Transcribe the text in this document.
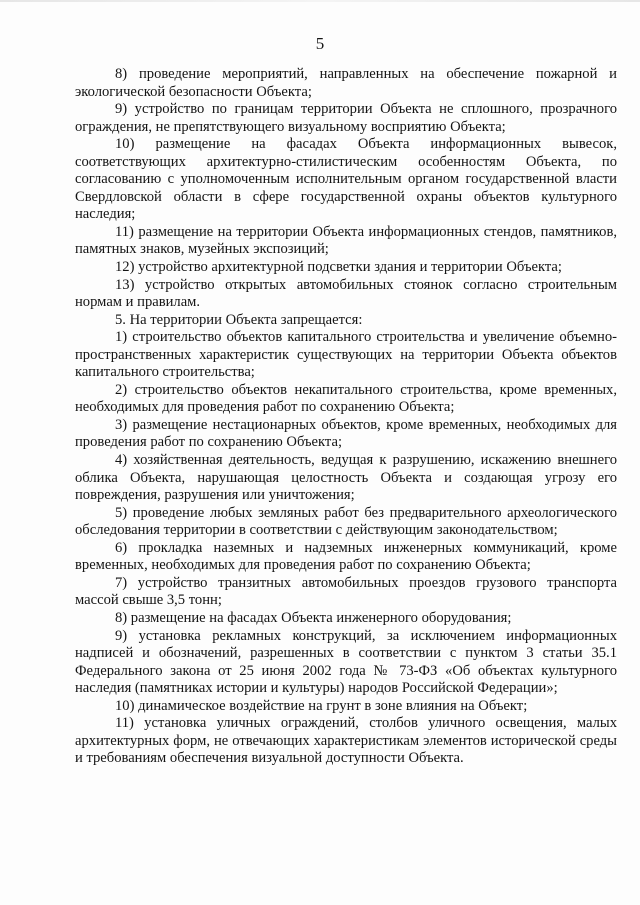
5

8) проведение мероприятий, направленных на обеспечение пожарной и экологической безопасности Объекта;

9) устройство по границам территории Объекта не сплошного, прозрачного ограждения, не препятствующего визуальному восприятию Объекта;

10) размещение на фасадах Объекта информационных вывесок, соответствующих архитектурно-стилистическим особенностям Объекта, по согласованию с уполномоченным исполнительным органом государственной власти Свердловской области в сфере государственной охраны объектов культурного наследия;

11) размещение на территории Объекта информационных стендов, памятников, памятных знаков, музейных экспозиций;

12) устройство архитектурной подсветки здания и территории Объекта;

13) устройство открытых автомобильных стоянок согласно строительным нормам и правилам.

5. На территории Объекта запрещается:

1) строительство объектов капитального строительства и увеличение объемно-пространственных характеристик существующих на территории Объекта объектов капитального строительства;

2) строительство объектов некапитального строительства, кроме временных, необходимых для проведения работ по сохранению Объекта;

3) размещение нестационарных объектов, кроме временных, необходимых для проведения работ по сохранению Объекта;

4) хозяйственная деятельность, ведущая к разрушению, искажению внешнего облика Объекта, нарушающая целостность Объекта и создающая угрозу его повреждения, разрушения или уничтожения;

5) проведение любых земляных работ без предварительного археологического обследования территории в соответствии с действующим законодательством;

6) прокладка наземных и надземных инженерных коммуникаций, кроме временных, необходимых для проведения работ по сохранению Объекта;

7) устройство транзитных автомобильных проездов грузового транспорта массой свыше 3,5 тонн;

8) размещение на фасадах Объекта инженерного оборудования;

9) установка рекламных конструкций, за исключением информационных надписей и обозначений, разрешенных в соответствии с пунктом 3 статьи 35.1 Федерального закона от 25 июня 2002 года № 73-ФЗ «Об объектах культурного наследия (памятниках истории и культуры) народов Российской Федерации»;

10) динамическое воздействие на грунт в зоне влияния на Объект;

11) установка уличных ограждений, столбов уличного освещения, малых архитектурных форм, не отвечающих характеристикам элементов исторической среды и требованиям обеспечения визуальной доступности Объекта.
